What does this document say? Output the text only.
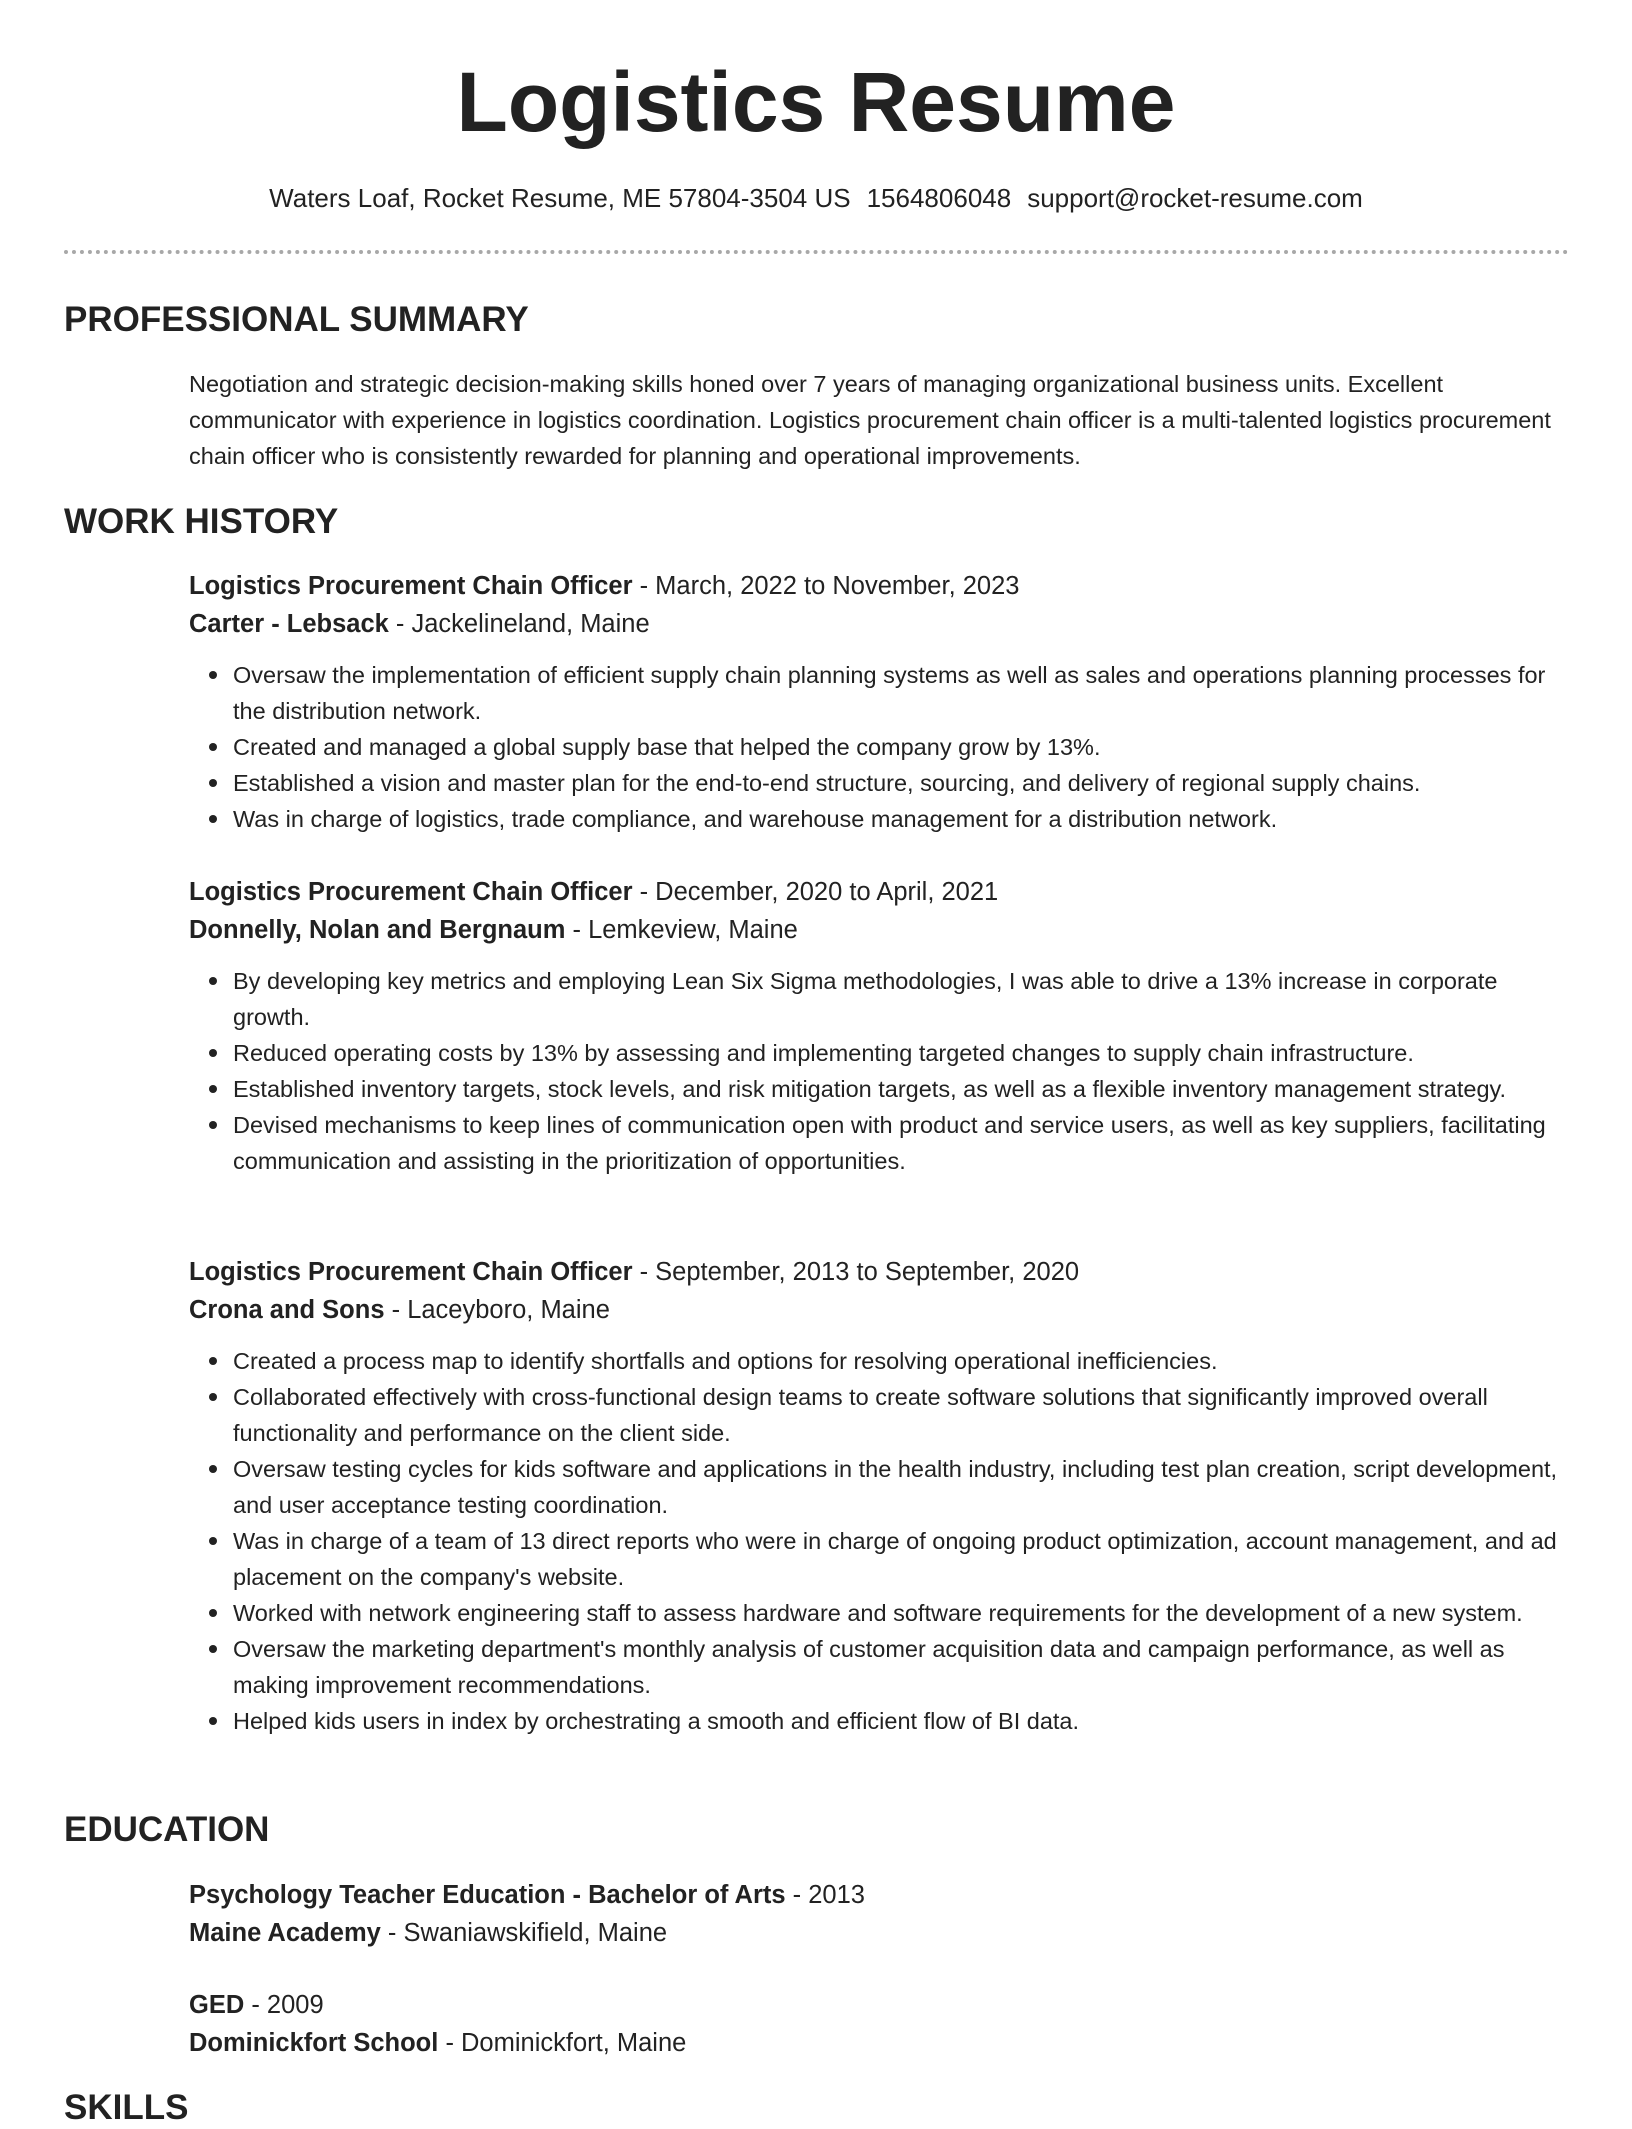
Logistics Resume
Waters Loaf, Rocket Resume, ME 57804-3504 US 1564806048 support@rocket-resume.com
PROFESSIONAL SUMMARY

Negotiation and strategic decision-making skills honed over 7 years of managing organizational business units. Excellent communicator with experience in logistics coordination. Logistics procurement chain officer is a multi-talented logistics procurement chain officer who is consistently rewarded for planning and operational improvements.

WORK HISTORY

Logistics Procurement Chain Officer - March, 2022 to November, 2023

Carter - Lebsack - Jackelineland, Maine

Oversaw the implementation of efficient supply chain planning systems as well as sales and operations planning processes for the distribution network.
Created and managed a global supply base that helped the company grow by 13%.
Established a vision and master plan for the end-to-end structure, sourcing, and delivery of regional supply chains.
Was in charge of logistics, trade compliance, and warehouse management for a distribution network.

Logistics Procurement Chain Officer - December, 2020 to April, 2021

Donnelly, Nolan and Bergnaum - Lemkeview, Maine

By developing key metrics and employing Lean Six Sigma methodologies, I was able to drive a 13% increase in corporate growth.
Reduced operating costs by 13% by assessing and implementing targeted changes to supply chain infrastructure.
Established inventory targets, stock levels, and risk mitigation targets, as well as a flexible inventory management strategy.
Devised mechanisms to keep lines of communication open with product and service users, as well as key suppliers, facilitating communication and assisting in the prioritization of opportunities.

Logistics Procurement Chain Officer - September, 2013 to September, 2020

Crona and Sons - Laceyboro, Maine

Created a process map to identify shortfalls and options for resolving operational inefficiencies.
Collaborated effectively with cross-functional design teams to create software solutions that significantly improved overall functionality and performance on the client side.
Oversaw testing cycles for kids software and applications in the health industry, including test plan creation, script development, and user acceptance testing coordination.
Was in charge of a team of 13 direct reports who were in charge of ongoing product optimization, account management, and ad placement on the company's website.
Worked with network engineering staff to assess hardware and software requirements for the development of a new system.
Oversaw the marketing department's monthly analysis of customer acquisition data and campaign performance, as well as making improvement recommendations.
Helped kids users in index by orchestrating a smooth and efficient flow of BI data.
EDUCATION

Psychology Teacher Education - Bachelor of Arts - 2013

Maine Academy - Swaniawskifield, Maine

GED - 2009

Dominickfort School - Dominickfort, Maine

SKILLS
